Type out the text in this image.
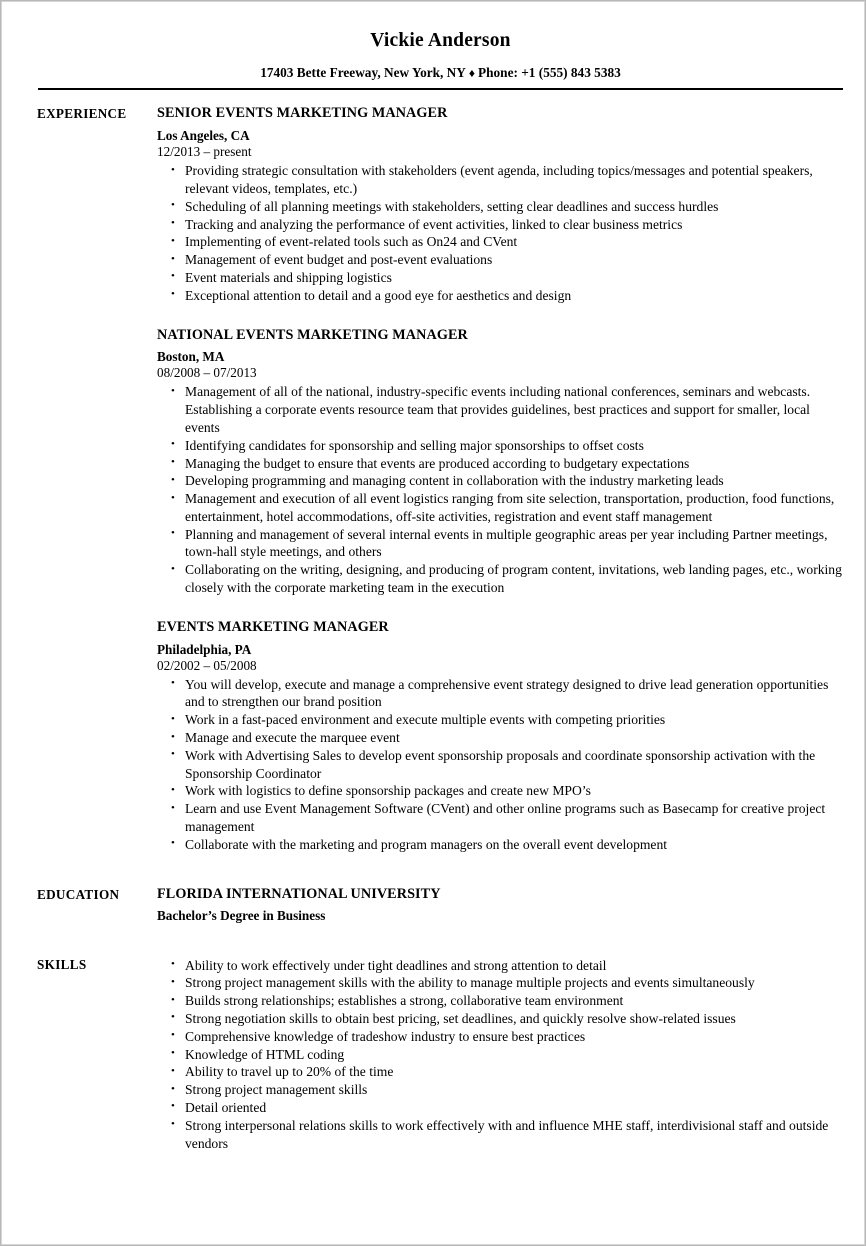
Vickie Anderson
17403 Bette Freeway, New York, NY ♦ Phone: +1 (555) 843 5383
EXPERIENCE	SENIOR EVENTS MARKETING MANAGER
Los Angeles, CA
12/2013 – present
• Providing strategic consultation with stakeholders (event agenda, including topics/messages and potential speakers, relevant videos, templates, etc.)
• Scheduling of all planning meetings with stakeholders, setting clear deadlines and success hurdles
• Tracking and analyzing the performance of event activities, linked to clear business metrics
• Implementing of event-related tools such as On24 and CVent
• Management of event budget and post-event evaluations
• Event materials and shipping logistics
• Exceptional attention to detail and a good eye for aesthetics and design
NATIONAL EVENTS MARKETING MANAGER
Boston, MA
08/2008 – 07/2013
• Management of all of the national, industry-specific events including national conferences, seminars and webcasts. Establishing a corporate events resource team that provides guidelines, best practices and support for smaller, local events
• Identifying candidates for sponsorship and selling major sponsorships to offset costs
• Managing the budget to ensure that events are produced according to budgetary expectations
• Developing programming and managing content in collaboration with the industry marketing leads
• Management and execution of all event logistics ranging from site selection, transportation, production, food functions, entertainment, hotel accommodations, off-site activities, registration and event staff management
• Planning and management of several internal events in multiple geographic areas per year including Partner meetings, town-hall style meetings, and others
• Collaborating on the writing, designing, and producing of program content, invitations, web landing pages, etc., working closely with the corporate marketing team in the execution
EVENTS MARKETING MANAGER
Philadelphia, PA
02/2002 – 05/2008
• You will develop, execute and manage a comprehensive event strategy designed to drive lead generation opportunities and to strengthen our brand position
• Work in a fast-paced environment and execute multiple events with competing priorities
• Manage and execute the marquee event
• Work with Advertising Sales to develop event sponsorship proposals and coordinate sponsorship activation with the Sponsorship Coordinator
• Work with logistics to define sponsorship packages and create new MPO’s
• Learn and use Event Management Software (CVent) and other online programs such as Basecamp for creative project management
• Collaborate with the marketing and program managers on the overall event development
EDUCATION	FLORIDA INTERNATIONAL UNIVERSITY
Bachelor’s Degree in Business
SKILLS	• Ability to work effectively under tight deadlines and strong attention to detail
• Strong project management skills with the ability to manage multiple projects and events simultaneously
• Builds strong relationships; establishes a strong, collaborative team environment
• Strong negotiation skills to obtain best pricing, set deadlines, and quickly resolve show-related issues
• Comprehensive knowledge of tradeshow industry to ensure best practices
• Knowledge of HTML coding
• Ability to travel up to 20% of the time
• Strong project management skills
• Detail oriented
• Strong interpersonal relations skills to work effectively with and influence MHE staff, interdivisional staff and outside vendors
